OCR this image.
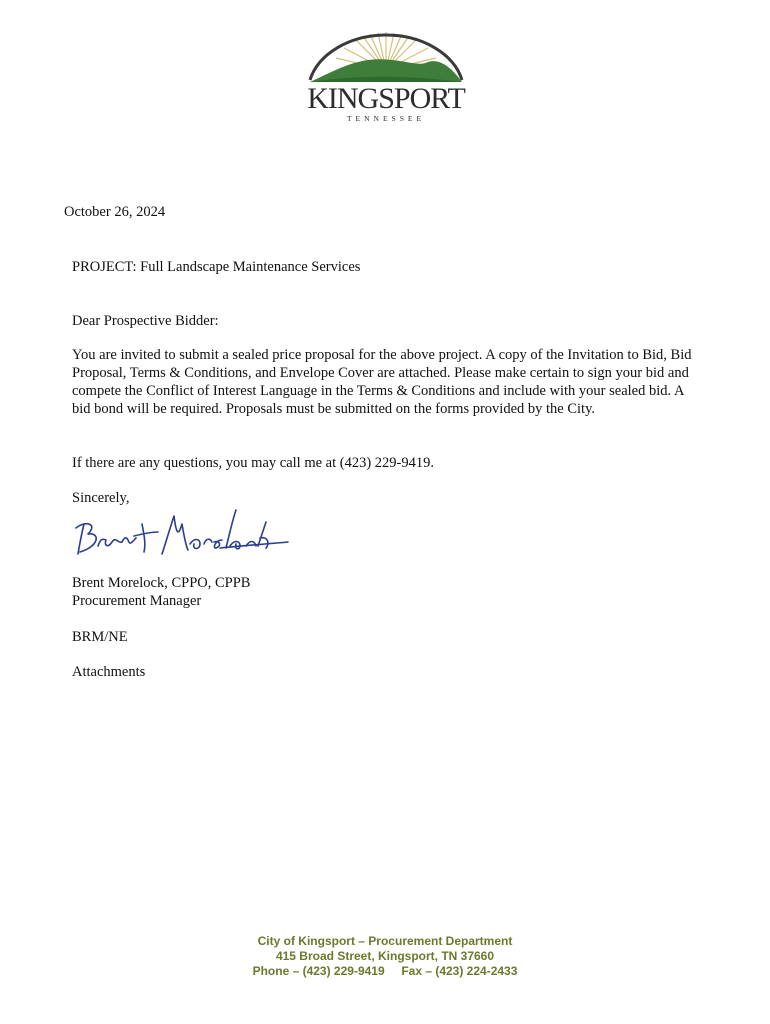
KINGSPORT
TENNESSEE
October 26, 2024
PROJECT: Full Landscape Maintenance Services
Dear Prospective Bidder:
You are invited to submit a sealed price proposal for the above project. A copy of the Invitation to Bid, Bid Proposal, Terms & Conditions, and Envelope Cover are attached. Please make certain to sign your bid and compete the Conflict of Interest Language in the Terms & Conditions and include with your sealed bid. A bid bond will be required. Proposals must be submitted on the forms provided by the City.
If there are any questions, you may call me at (423) 229-9419.
Sincerely,
Brent Morelock, CPPO, CPPB
Procurement Manager
BRM/NE
Attachments
City of Kingsport – Procurement Department
415 Broad Street, Kingsport, TN 37660
Phone – (423) 229-9419     Fax – (423) 224-2433
